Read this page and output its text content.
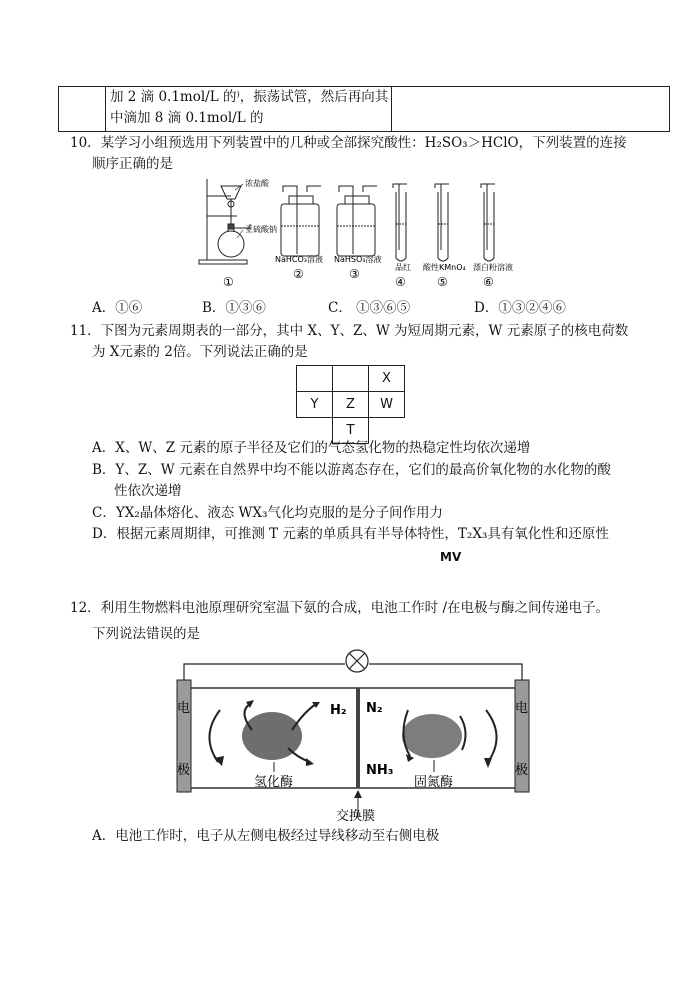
加 2 滴 0.1mol/L 的⁾，振荡试管，然后再向其
中滴加 8 滴 0.1mol/L 的

10．某学习小组预选用下列装置中的几种或全部探究酸性：H₂SO₃＞HClO，下列装置的连接
顺序正确的是
浓盐酸
亚硫酸钠
NaHCO₃溶液 NaHSO₃溶液
品红 酸性KMnO₄ 漂白粉溶液
①
②	③
④	⑤	⑥
A．①⑥	B．①③⑥	C． ①③⑥⑤	D．①③②④⑥
11．下图为元素周期表的一部分，其中 X、Y、Z、W 为短周期元素，W 元素原子的核电荷数
为 X元素的 2倍。下列说法正确的是
		X
Y	Z	W
	T	
A．X、W、Z 元素的原子半径及它们的气态氢化物的热稳定性均依次递增
B．Y、Z、W 元素在自然界中均不能以游离态存在，它们的最高价氧化物的水化物的酸
性依次递增
C．YX₂晶体熔化、液态 WX₃气化均克服的是分子间作用力
D．根据元素周期律，可推测 T 元素的单质具有半导体特性，T₂X₃具有氧化性和还原性
MV
12．利用生物燃料电池原理研究室温下氨的合成，电池工作时 /在电极与酶之间传递电子。
下列说法错误的是
电
极
电
极
H₂ N₂
NH₃
氢化酶	固氮酶
交换膜
A．电池工作时，电子从左侧电极经过导线移动至右侧电极
